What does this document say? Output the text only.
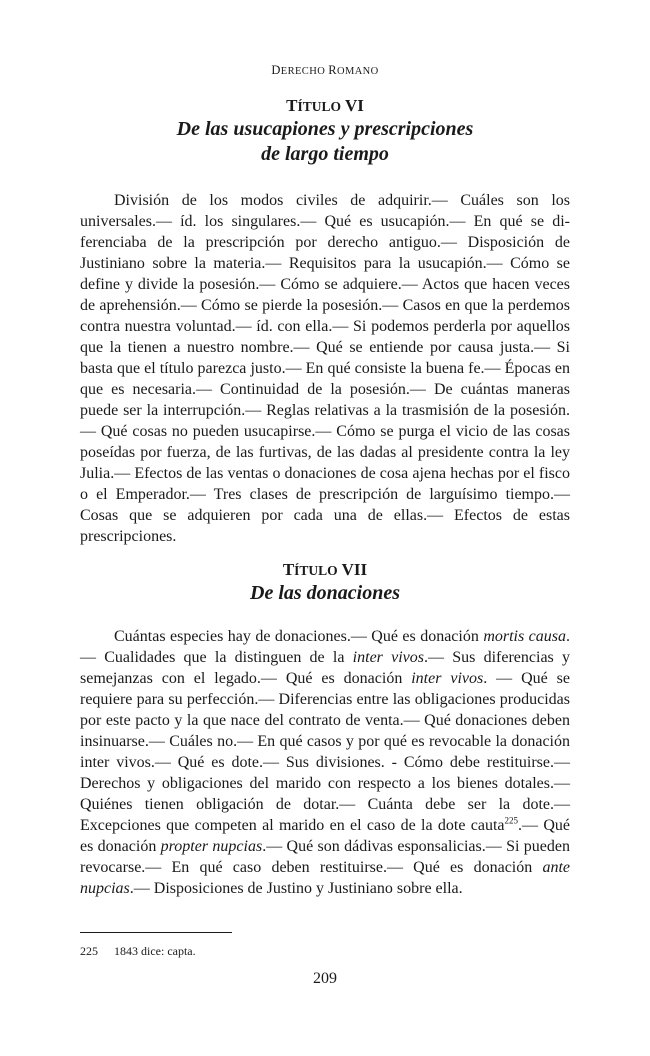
DERECHO ROMANO
TÍTULO VI
De las usucapiones y prescripciones
de largo tiempo
División de los modos civiles de adquirir.— Cuáles son los universales.— íd. los singulares.— Qué es usucapión.— En qué se diferenciaba de la prescripción por derecho antiguo.— Disposición de Justiniano sobre la materia.— Requisitos para la usucapión.— Cómo se define y divide la posesión.— Cómo se adquiere.— Actos que hacen veces de aprehensión.— Cómo se pierde la posesión.— Casos en que la perdemos contra nuestra voluntad.— íd. con ella.— Si podemos perderla por aquellos que la tienen a nuestro nombre.— Qué se entiende por causa justa.— Si basta que el título parezca justo.— En qué consiste la buena fe.— Épocas en que es necesaria.— Continuidad de la posesión.— De cuántas maneras puede ser la interrupción.— Reglas relativas a la trasmisión de la posesión.— Qué cosas no pueden usucapirse.— Cómo se purga el vicio de las cosas poseídas por fuerza, de las furtivas, de las dadas al presidente contra la ley Julia.— Efectos de las ventas o donaciones de cosa ajena hechas por el fisco o el Emperador.— Tres clases de prescripción de larguísimo tiempo.— Cosas que se adquieren por cada una de ellas.— Efectos de estas prescripciones.
TÍTULO VII
De las donaciones
Cuántas especies hay de donaciones.— Qué es donación mortis causa.— Cualidades que la distinguen de la inter vivos.— Sus diferencias y semejanzas con el legado.— Qué es donación inter vivos. — Qué se requiere para su perfección.— Diferencias entre las obligaciones producidas por este pacto y la que nace del contrato de venta.— Qué donaciones deben insinuarse.— Cuáles no.— En qué casos y por qué es revocable la donación inter vivos.— Qué es dote.— Sus divisiones. - Cómo debe restituirse.— Derechos y obligaciones del marido con respecto a los bienes dotales.— Quiénes tienen obligación de dotar.— Cuánta debe ser la dote.— Excepciones que competen al marido en el caso de la dote cauta$^{225}$.— Qué es donación propter nupcias.— Qué son dádivas esponsalicias.— Si pueden revocarse.— En qué caso deben restituirse.— Qué es donación ante nupcias.— Disposiciones de Justino y Justiniano sobre ella.
225 1843 dice: capta.
209
